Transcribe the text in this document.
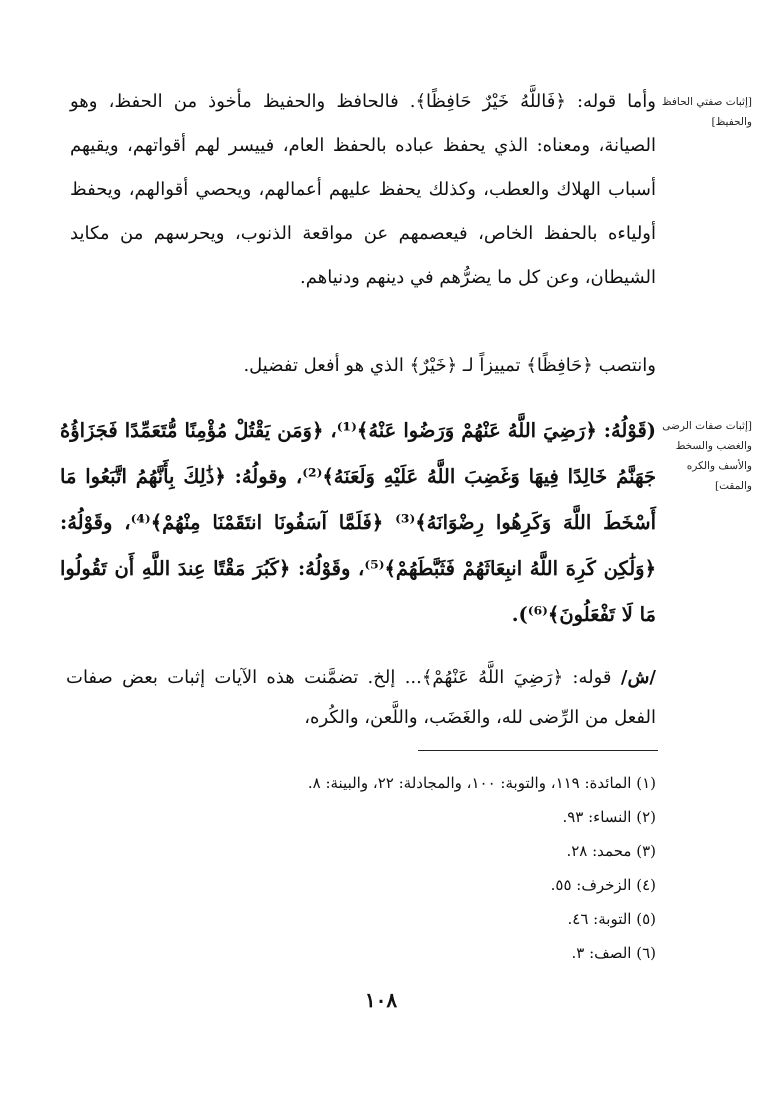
[إثبات صفتي الحافظ والحفيظ]

وأما قوله: ﴿فَاللَّهُ خَيْرٌ حَافِظًا﴾. فالحافظ والحفيظ مأخوذ من الحفظ، وهو الصيانة، ومعناه: الذي يحفظ عباده بالحفظ العام، فييسر لهم أقواتهم، ويقيهم أسباب الهلاك والعطب، وكذلك يحفظ عليهم أعمالهم، ويحصي أقوالهم، ويحفظ أولياءه بالحفظ الخاص، فيعصمهم عن مواقعة الذنوب، ويحرسهم من مكايد الشيطان، وعن كل ما يضرُّهم في دينهم ودنياهم.

وانتصب ﴿حَافِظًا﴾ تمييزاً لـ ﴿خَيْرٌ﴾ الذي هو أفعل تفضيل.

[إثبات صفات الرضى والغضب والسخط والأسف والكره والمقت]

(قَوْلُهُ: ﴿رَضِيَ اللَّهُ عَنْهُمْ وَرَضُوا عَنْهُ﴾⁽¹⁾، ﴿وَمَن يَقْتُلْ مُؤْمِنًا مُّتَعَمِّدًا فَجَزَاؤُهُ جَهَنَّمُ خَالِدًا فِيهَا وَغَضِبَ اللَّهُ عَلَيْهِ وَلَعَنَهُ﴾⁽²⁾، وقولُهُ: ﴿ذَٰلِكَ بِأَنَّهُمُ اتَّبَعُوا مَا أَسْخَطَ اللَّهَ وَكَرِهُوا رِضْوَانَهُ﴾⁽³⁾ ﴿فَلَمَّا آسَفُونَا انتَقَمْنَا مِنْهُمْ﴾⁽⁴⁾، وقَوْلُهُ: ﴿وَلَٰكِن كَرِهَ اللَّهُ انبِعَاثَهُمْ فَثَبَّطَهُمْ﴾⁽⁵⁾، وقَوْلُهُ: ﴿كَبُرَ مَقْتًا عِندَ اللَّهِ أَن تَقُولُوا مَا لَا تَفْعَلُونَ﴾⁽⁶⁾).

/ش/ قوله: ﴿رَضِيَ اللَّهُ عَنْهُمْ﴾... إلخ. تضمَّنت هذه الآيات إثبات بعض صفات الفعل من الرِّضى لله، والغَضَب، واللَّعن، والكُره،

(١) المائدة: ١١٩، والتوبة: ١٠٠، والمجادلة: ٢٢، والبينة: ٨.
(٢) النساء: ٩٣.
(٣) محمد: ٢٨.
(٤) الزخرف: ٥٥.
(٥) التوبة: ٤٦.
(٦) الصف: ٣.
١٠٨
